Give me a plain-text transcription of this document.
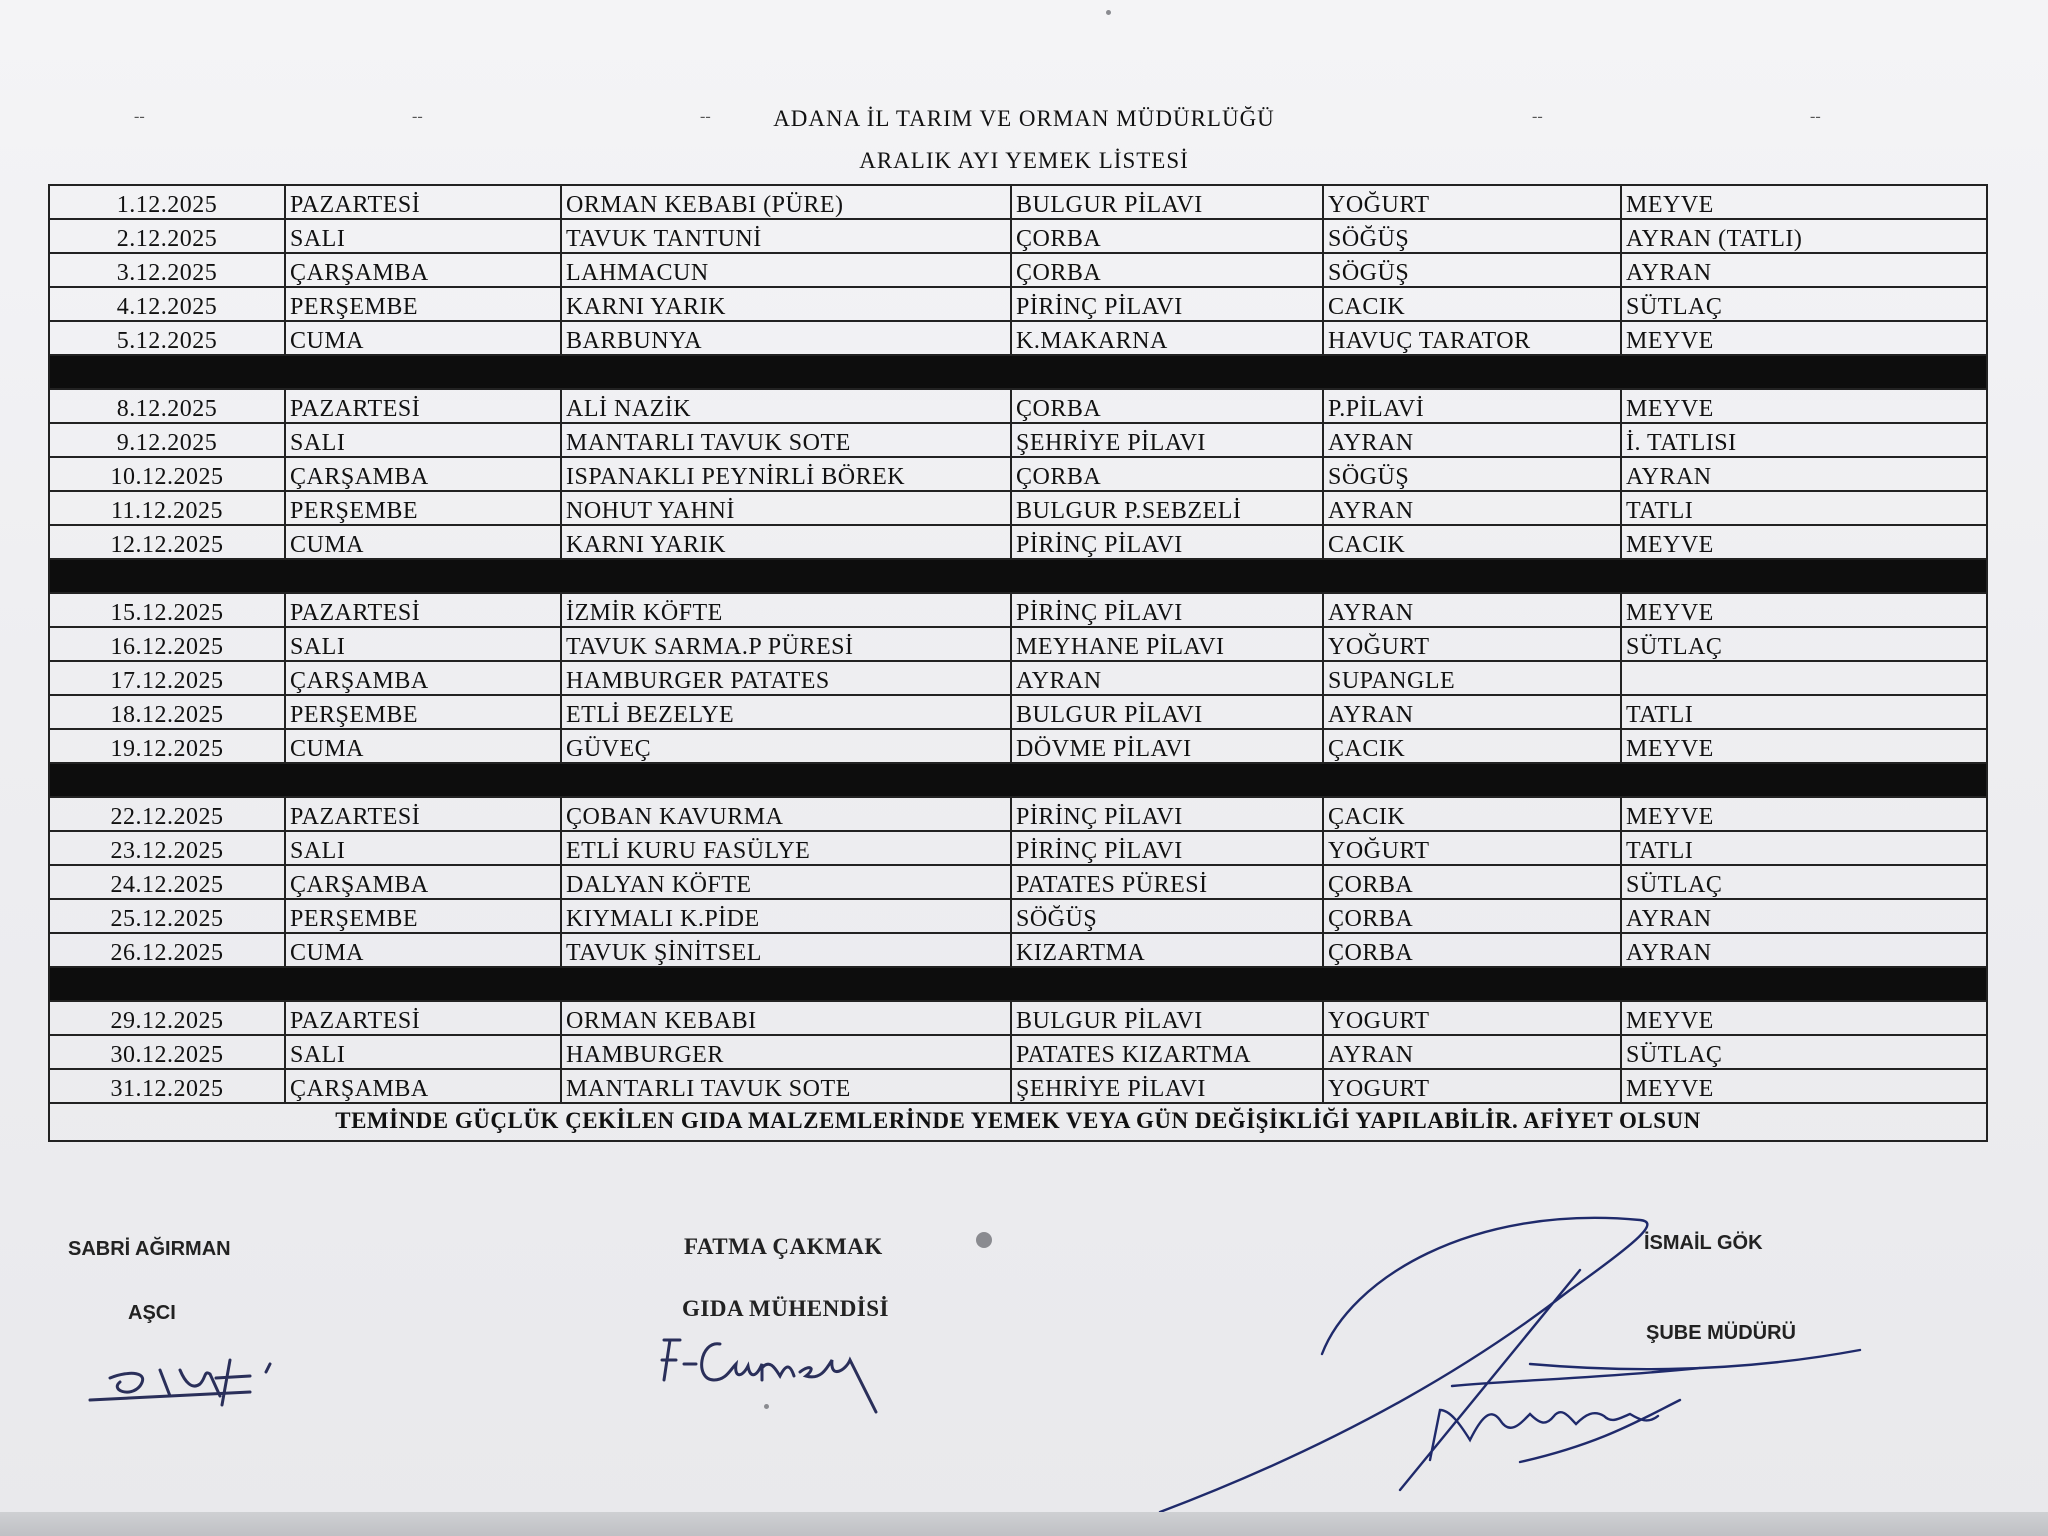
--	--	--	--	--
ADANA İL TARIM VE ORMAN MÜDÜRLÜĞÜ
ARALIK AYI YEMEK LİSTESİ
1.12.2025	PAZARTESİ	ORMAN KEBABI (PÜRE)	BULGUR PİLAVI	YOĞURT	MEYVE
2.12.2025	SALI	TAVUK TANTUNİ	ÇORBA	SÖĞÜŞ	AYRAN (TATLI)
3.12.2025	ÇARŞAMBA	LAHMACUN	ÇORBA	SÖGÜŞ	AYRAN
4.12.2025	PERŞEMBE	KARNI YARIK	PİRİNÇ PİLAVI	CACIK	SÜTLAÇ
5.12.2025	CUMA	BARBUNYA	K.MAKARNA	HAVUÇ TARATOR	MEYVE
8.12.2025	PAZARTESİ	ALİ NAZİK	ÇORBA	P.PİLAVİ	MEYVE
9.12.2025	SALI	MANTARLI TAVUK SOTE	ŞEHRİYE PİLAVI	AYRAN	İ. TATLISI
10.12.2025	ÇARŞAMBA	ISPANAKLI PEYNİRLİ BÖREK	ÇORBA	SÖGÜŞ	AYRAN
11.12.2025	PERŞEMBE	NOHUT YAHNİ	BULGUR P.SEBZELİ	AYRAN	TATLI
12.12.2025	CUMA	KARNI YARIK	PİRİNÇ PİLAVI	CACIK	MEYVE
15.12.2025	PAZARTESİ	İZMİR KÖFTE	PİRİNÇ PİLAVI	AYRAN	MEYVE
16.12.2025	SALI	TAVUK SARMA.P PÜRESİ	MEYHANE PİLAVI	YOĞURT	SÜTLAÇ
17.12.2025	ÇARŞAMBA	HAMBURGER PATATES	AYRAN	SUPANGLE
18.12.2025	PERŞEMBE	ETLİ BEZELYE	BULGUR PİLAVI	AYRAN	TATLI
19.12.2025	CUMA	GÜVEÇ	DÖVME PİLAVI	ÇACIK	MEYVE
22.12.2025	PAZARTESİ	ÇOBAN KAVURMA	PİRİNÇ PİLAVI	ÇACIK	MEYVE
23.12.2025	SALI	ETLİ KURU FASÜLYE	PİRİNÇ PİLAVI	YOĞURT	TATLI
24.12.2025	ÇARŞAMBA	DALYAN KÖFTE	PATATES PÜRESİ	ÇORBA	SÜTLAÇ
25.12.2025	PERŞEMBE	KIYMALI K.PİDE	SÖĞÜŞ	ÇORBA	AYRAN
26.12.2025	CUMA	TAVUK ŞİNİTSEL	KIZARTMA	ÇORBA	AYRAN
29.12.2025	PAZARTESİ	ORMAN KEBABI	BULGUR PİLAVI	YOGURT	MEYVE
30.12.2025	SALI	HAMBURGER	PATATES KIZARTMA	AYRAN	SÜTLAÇ
31.12.2025	ÇARŞAMBA	MANTARLI TAVUK SOTE	ŞEHRİYE PİLAVI	YOGURT	MEYVE
TEMİNDE GÜÇLÜK ÇEKİLEN GIDA MALZEMLERİNDE YEMEK VEYA GÜN DEĞİŞİKLİĞİ YAPILABİLİR. AFİYET OLSUN
SABRİ AĞIRMAN
AŞCI
FATMA ÇAKMAK
GIDA MÜHENDİSİ
İSMAİL GÖK
ŞUBE MÜDÜRÜ
